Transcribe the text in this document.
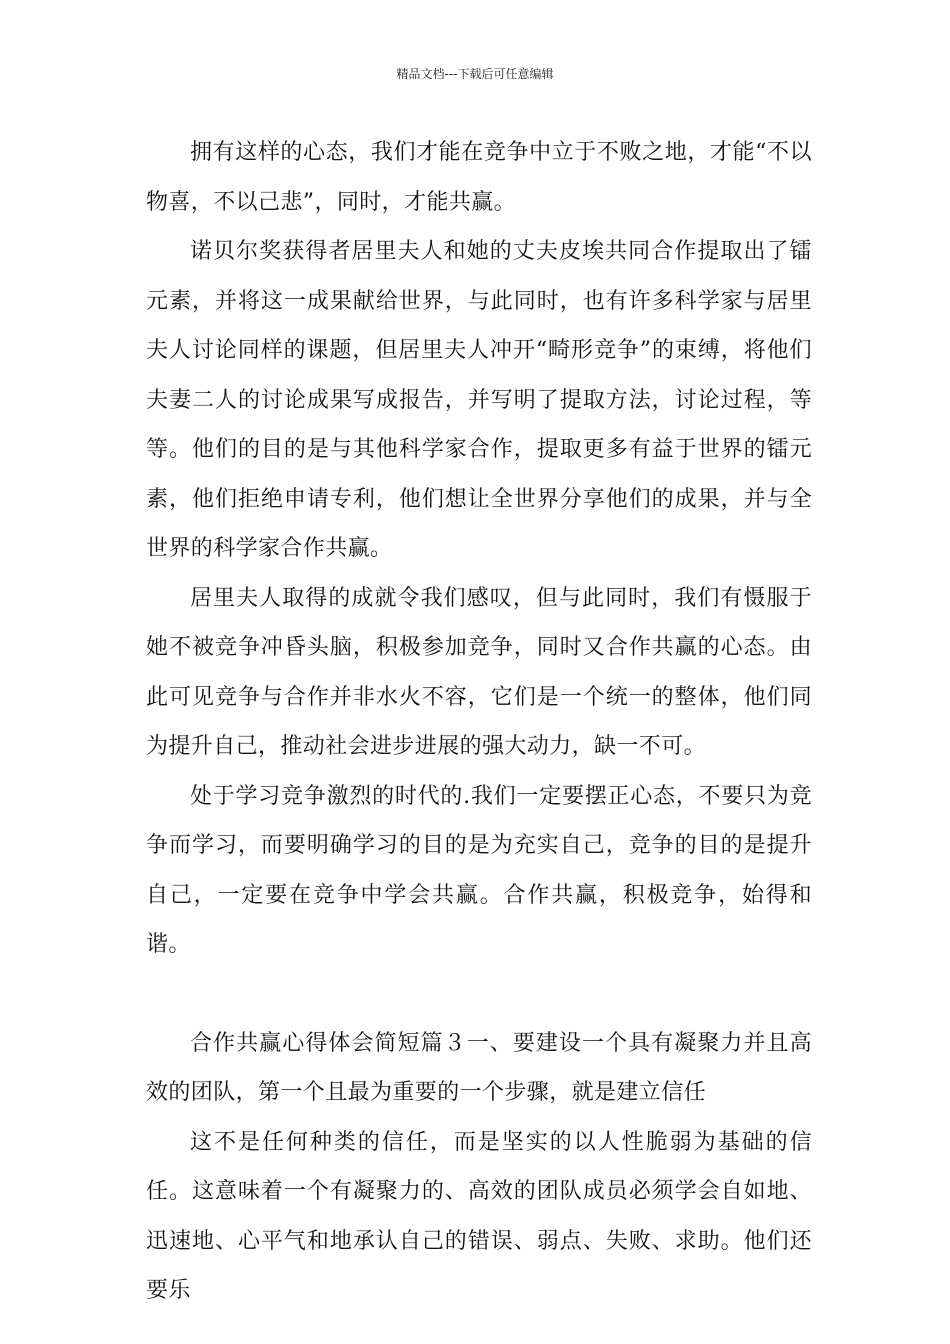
精品文档---下载后可任意编辑

拥有这样的心态，我们才能在竞争中立于不败之地，才能“不以物喜，不以己悲”，同时，才能共赢。

诺贝尔奖获得者居里夫人和她的丈夫皮埃共同合作提取出了镭元素，并将这一成果献给世界，与此同时，也有许多科学家与居里夫人讨论同样的课题，但居里夫人冲开“畸形竞争”的束缚，将他们夫妻二人的讨论成果写成报告，并写明了提取方法，讨论过程，等等。他们的目的是与其他科学家合作，提取更多有益于世界的镭元素，他们拒绝申请专利，他们想让全世界分享他们的成果，并与全世界的科学家合作共赢。

居里夫人取得的成就令我们感叹，但与此同时，我们有慑服于她不被竞争冲昏头脑，积极参加竞争，同时又合作共赢的心态。由此可见竞争与合作并非水火不容，它们是一个统一的整体，他们同为提升自己，推动社会进步进展的强大动力，缺一不可。

处于学习竞争激烈的时代的.我们一定要摆正心态，不要只为竞争而学习，而要明确学习的目的是为充实自己，竞争的目的是提升自己，一定要在竞争中学会共赢。合作共赢，积极竞争，始得和谐。

合作共赢心得体会简短篇３一、要建设一个具有凝聚力并且高效的团队，第一个且最为重要的一个步骤，就是建立信任

这不是任何种类的信任，而是坚实的以人性脆弱为基础的信任。这意味着一个有凝聚力的、高效的团队成员必须学会自如地、迅速地、心平气和地承认自己的错误、弱点、失败、求助。他们还要乐
